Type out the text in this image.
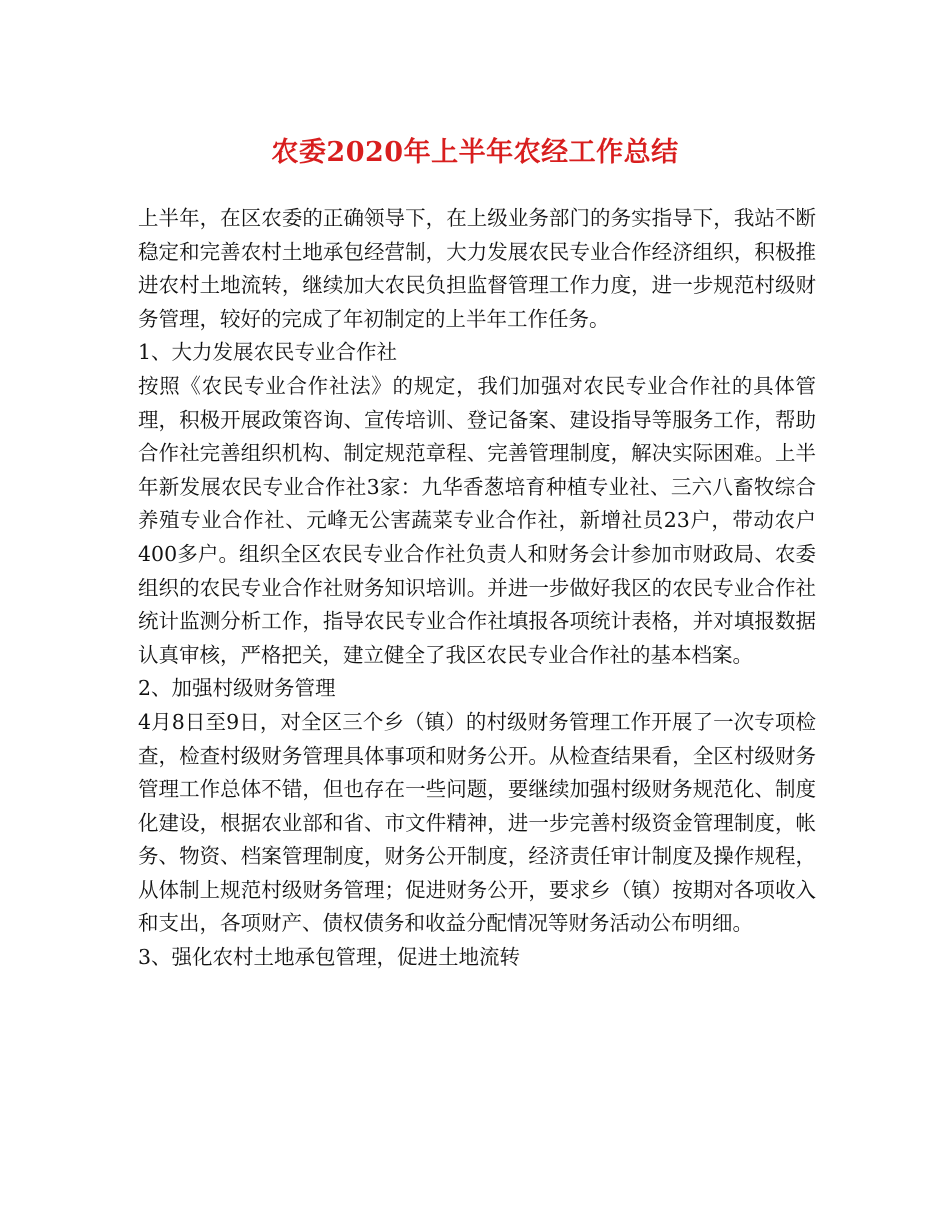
农委2020年上半年农经工作总结

上半年，在区农委的正确领导下，在上级业务部门的务实指导下，我站不断稳定和完善农村土地承包经营制，大力发展农民专业合作经济组织，积极推进农村土地流转，继续加大农民负担监督管理工作力度，进一步规范村级财务管理，较好的完成了年初制定的上半年工作任务。

1、大力发展农民专业合作社

按照《农民专业合作社法》的规定，我们加强对农民专业合作社的具体管理，积极开展政策咨询、宣传培训、登记备案、建设指导等服务工作，帮助合作社完善组织机构、制定规范章程、完善管理制度，解决实际困难。上半年新发展农民专业合作社3家：九华香葱培育种植专业社、三六八畜牧综合养殖专业合作社、元峰无公害蔬菜专业合作社，新增社员23户，带动农户400多户。组织全区农民专业合作社负责人和财务会计参加市财政局、农委组织的农民专业合作社财务知识培训。并进一步做好我区的农民专业合作社统计监测分析工作，指导农民专业合作社填报各项统计表格，并对填报数据认真审核，严格把关，建立健全了我区农民专业合作社的基本档案。

2、加强村级财务管理

4月8日至9日，对全区三个乡（镇）的村级财务管理工作开展了一次专项检查，检查村级财务管理具体事项和财务公开。从检查结果看，全区村级财务管理工作总体不错，但也存在一些问题，要继续加强村级财务规范化、制度化建设，根据农业部和省、市文件精神，进一步完善村级资金管理制度，帐务、物资、档案管理制度，财务公开制度，经济责任审计制度及操作规程，从体制上规范村级财务管理；促进财务公开，要求乡（镇）按期对各项收入和支出，各项财产、债权债务和收益分配情况等财务活动公布明细。

3、强化农村土地承包管理，促进土地流转
